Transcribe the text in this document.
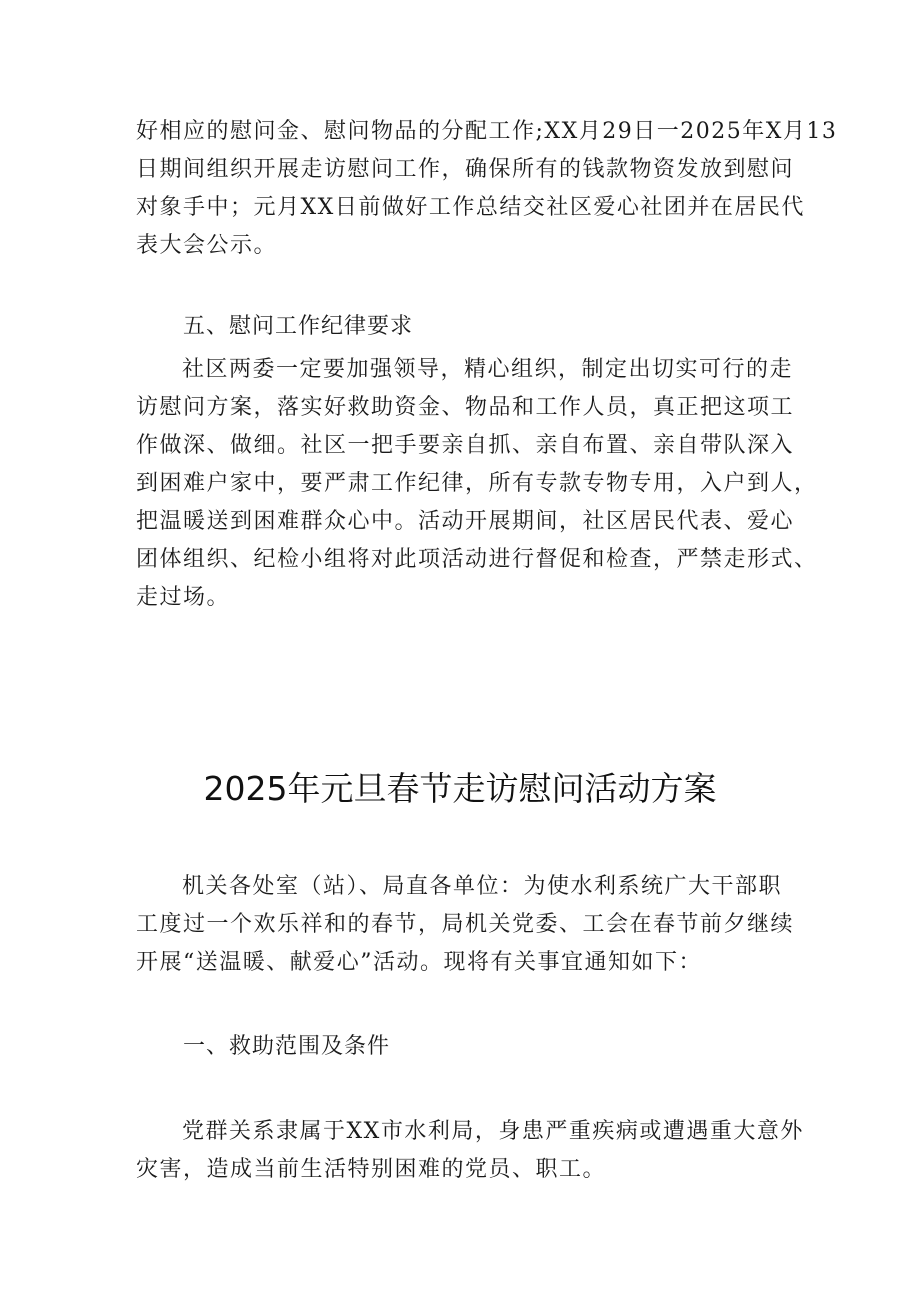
好相应的慰问金、慰问物品的分配工作;XX月29日一2025年X月13
日期间组织开展走访慰问工作，确保所有的钱款物资发放到慰问
对象手中；元月XX日前做好工作总结交社区爱心社团并在居民代
表大会公示。
五、慰问工作纪律要求
社区两委一定要加强领导，精心组织，制定出切实可行的走
访慰问方案，落实好救助资金、物品和工作人员，真正把这项工
作做深、做细。社区一把手要亲自抓、亲自布置、亲自带队深入
到困难户家中，要严肃工作纪律，所有专款专物专用，入户到人，
把温暖送到困难群众心中。活动开展期间，社区居民代表、爱心
团体组织、纪检小组将对此项活动进行督促和检查，严禁走形式、
走过场。
2025年元旦春节走访慰问活动方案
机关各处室（站）、局直各单位：为使水利系统广大干部职
工度过一个欢乐祥和的春节，局机关党委、工会在春节前夕继续
开展“送温暖、献爱心”活动。现将有关事宜通知如下：
一、救助范围及条件
党群关系隶属于XX市水利局，身患严重疾病或遭遇重大意外
灾害，造成当前生活特别困难的党员、职工。
